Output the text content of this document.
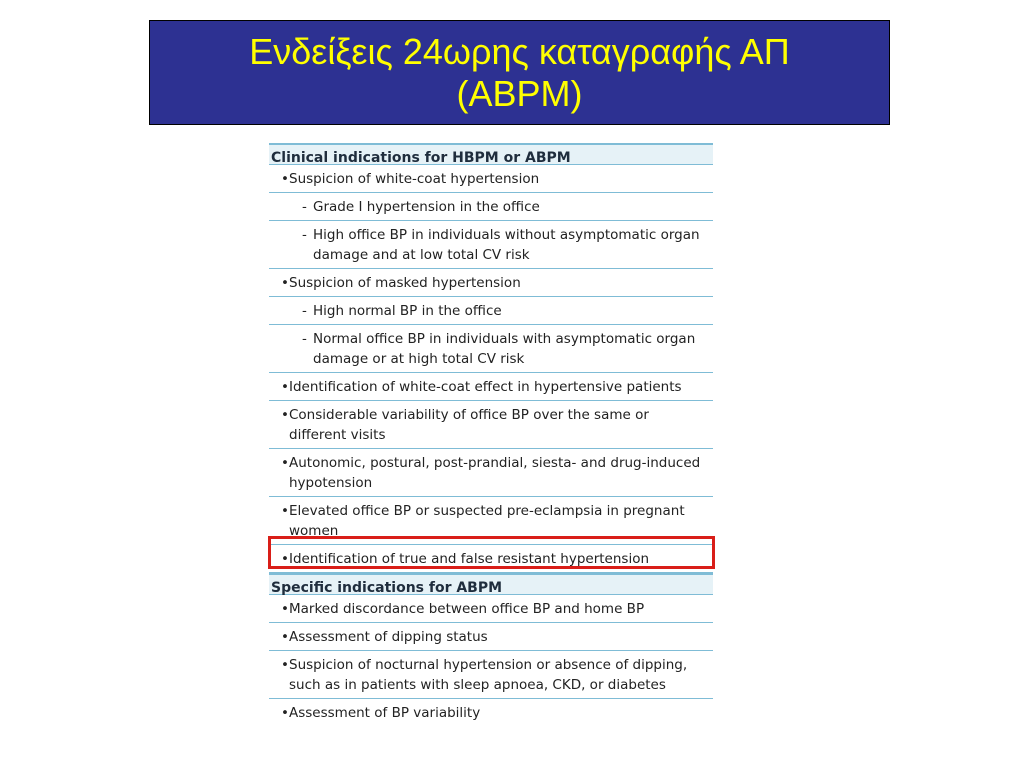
Ενδείξεις 24ωρης καταγραφής ΑΠ
(ABPM)
Clinical indications for HBPM or ABPM
• Suspicion of white-coat hypertension
- Grade I hypertension in the office
- High office BP in individuals without asymptomatic organ damage and at low total CV risk
• Suspicion of masked hypertension
- High normal BP in the office
- Normal office BP in individuals with asymptomatic organ damage or at high total CV risk
• Identification of white-coat effect in hypertensive patients
• Considerable variability of office BP over the same or different visits
• Autonomic, postural, post-prandial, siesta- and drug-induced hypotension
• Elevated office BP or suspected pre-eclampsia in pregnant women
• Identification of true and false resistant hypertension
Specific indications for ABPM
• Marked discordance between office BP and home BP
• Assessment of dipping status
• Suspicion of nocturnal hypertension or absence of dipping, such as in patients with sleep apnoea, CKD, or diabetes
• Assessment of BP variability
